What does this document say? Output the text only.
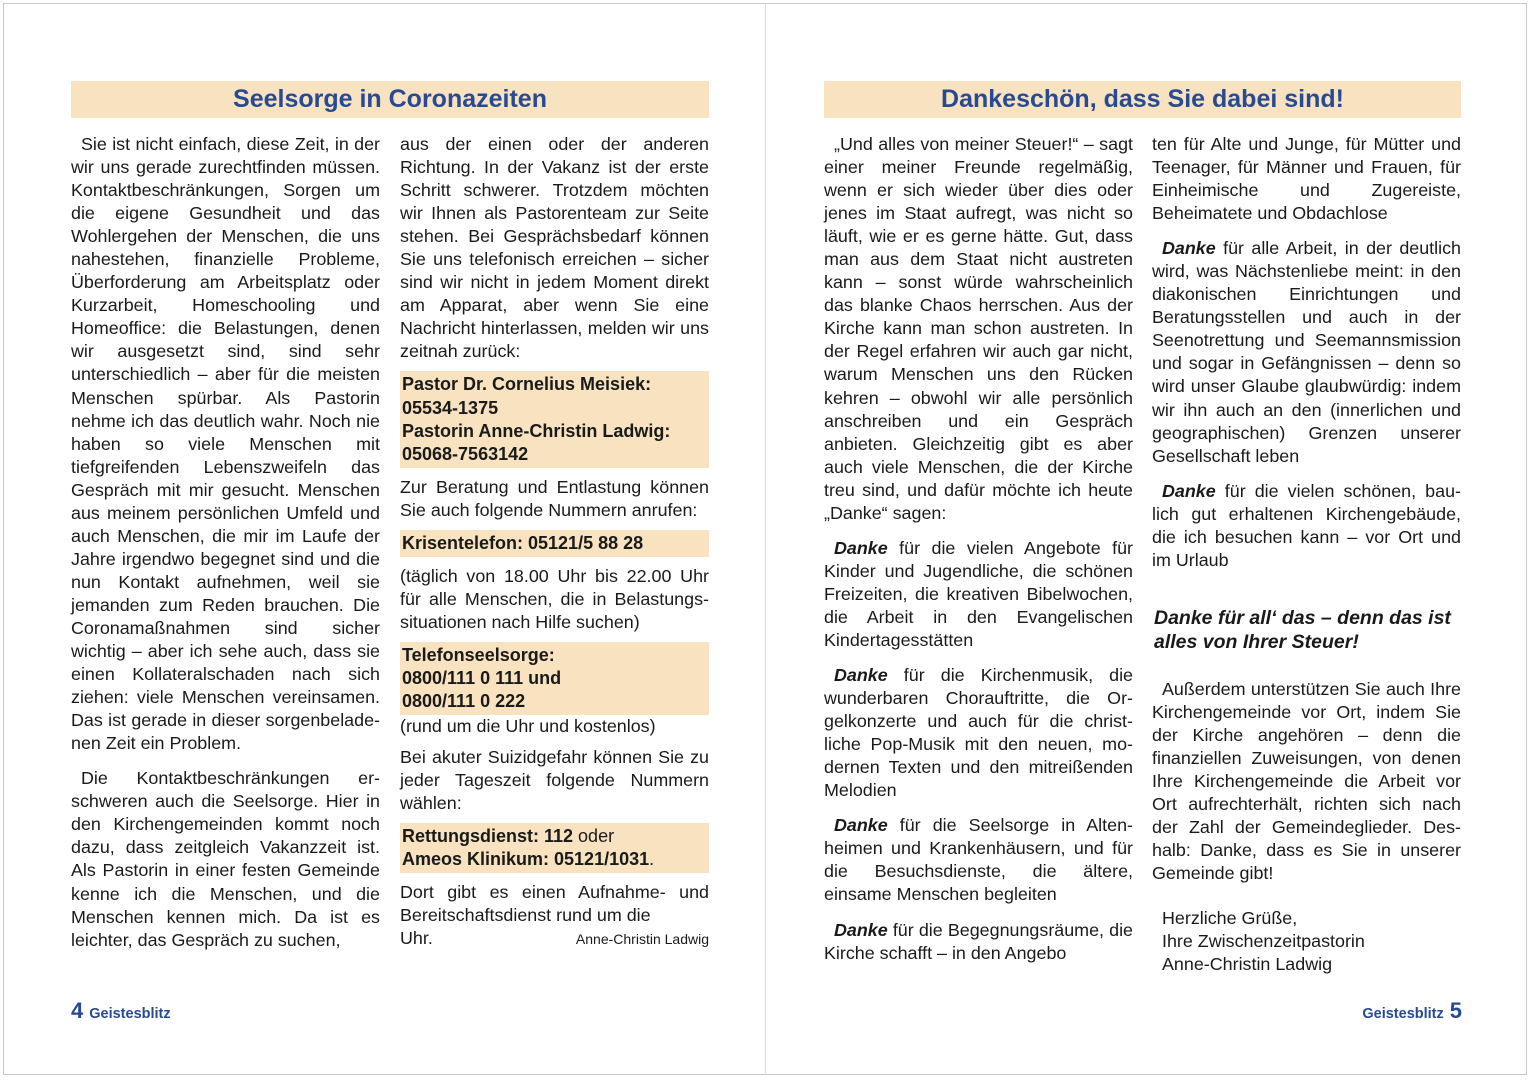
Seelsorge in Coronazeiten

Sie ist nicht einfach, diese Zeit, in der wir uns gerade zurechtfinden müssen. Kontaktbeschränkungen, Sorgen um die eigene Gesundheit und das Wohlergehen der Menschen, die uns nahestehen, finanzielle Probleme, Überforderung am Arbeitsplatz oder Kurzarbeit, Homeschooling und Homeoffice: die Belastungen, denen wir ausgesetzt sind, sind sehr unterschiedlich – aber für die meisten Menschen spürbar. Als Pastorin nehme ich das deutlich wahr. Noch nie haben so viele Menschen mit tiefgreifenden Lebenszweifeln das Gespräch mit mir gesucht. Menschen aus meinem persönlichen Umfeld und auch Menschen, die mir im Laufe der Jahre irgendwo begegnet sind und die nun Kontakt aufnehmen, weil sie jemanden zum Reden brauchen. Die Coronamaßnahmen sind sicher wichtig – aber ich sehe auch, dass sie einen Kollateralschaden nach sich ziehen: viele Menschen vereinsamen. Das ist gerade in dieser sorgenbeladenen Zeit ein Problem.

Die Kontaktbeschränkungen erschweren auch die Seelsorge. Hier in den Kirchengemeinden kommt noch dazu, dass zeitgleich Vakanzzeit ist. Als Pastorin in einer festen Gemeinde kenne ich die Menschen, und die Menschen kennen mich. Da ist es leichter, das Gespräch zu suchen,

aus der einen oder der anderen Richtung. In der Vakanz ist der erste Schritt schwerer. Trotzdem möchten wir Ihnen als Pastorenteam zur Seite stehen. Bei Gesprächsbedarf können Sie uns telefonisch erreichen – sicher sind wir nicht in jedem Moment direkt am Apparat, aber wenn Sie eine Nachricht hinterlassen, melden wir uns zeitnah zurück:

Pastor Dr. Cornelius Meisiek:
05534-1375
Pastorin Anne-Christin Ladwig:
05068-7563142

Zur Beratung und Entlastung können Sie auch folgende Nummern anrufen:

Krisentelefon: 05121/5 88 28

(täglich von 18.00 Uhr bis 22.00 Uhr für alle Menschen, die in Belastungssituationen nach Hilfe suchen)

Telefonseelsorge:
0800/111 0 111 und
0800/111 0 222

(rund um die Uhr und kostenlos)

Bei akuter Suizidgefahr können Sie zu jeder Tageszeit folgende Nummern wählen:

Rettungsdienst: 112 oder
Ameos Klinikum: 05121/1031.

Dort gibt es einen Aufnahme- und Bereitschaftsdienst rund um die

Uhr.	Anne-Christin Ladwig
4 Geistesblitz
Dankeschön, dass Sie dabei sind!

„Und alles von meiner Steuer!“ – sagt einer meiner Freunde regelmäßig, wenn er sich wieder über dies oder jenes im Staat aufregt, was nicht so läuft, wie er es gerne hätte. Gut, dass man aus dem Staat nicht austreten kann – sonst würde wahrscheinlich das blanke Chaos herrschen. Aus der Kirche kann man schon austreten. In der Regel erfahren wir auch gar nicht, warum Menschen uns den Rücken kehren – obwohl wir alle persönlich anschreiben und ein Gespräch anbieten. Gleichzeitig gibt es aber auch viele Menschen, die der Kirche treu sind, und dafür möchte ich heute „Danke“ sagen:

Danke für die vielen Angebote für Kinder und Jugendliche, die schönen Freizeiten, die kreativen Bibelwochen, die Arbeit in den Evangelischen Kindertagesstätten

Danke für die Kirchenmusik, die wunderbaren Chorauftritte, die Orgelkonzerte und auch für die christliche Pop-Musik mit den neuen, modernen Texten und den mitreißenden Melodien

Danke für die Seelsorge in Altenheimen und Krankenhäusern, und für die Besuchsdienste, die ältere, einsame Menschen begleiten

Danke für die Begegnungsräume, die Kirche schafft – in den Angebo

ten für Alte und Junge, für Mütter und Teenager, für Männer und Frauen, für Einheimische und Zugereiste, Beheimatete und Obdachlose

Danke für alle Arbeit, in der deutlich wird, was Nächstenliebe meint: in den diakonischen Einrichtungen und Beratungsstellen und auch in der Seenotrettung und Seemannsmission und sogar in Gefängnissen – denn so wird unser Glaube glaubwürdig: indem wir ihn auch an den (innerlichen und geographischen) Grenzen unserer Gesellschaft leben

Danke für die vielen schönen, baulich gut erhaltenen Kirchengebäude, die ich besuchen kann – vor Ort und im Urlaub

Danke für all‘ das – denn das ist alles von Ihrer Steuer!

Außerdem unterstützen Sie auch Ihre Kirchengemeinde vor Ort, indem Sie der Kirche angehören – denn die finanziellen Zuweisungen, von denen Ihre Kirchengemeinde die Arbeit vor Ort aufrechterhält, richten sich nach der Zahl der Gemeindeglieder. Deshalb: Danke, dass es Sie in unserer Gemeinde gibt!

Herzliche Grüße,
Ihre Zwischenzeitpastorin
Anne-Christin Ladwig
Geistesblitz 5
